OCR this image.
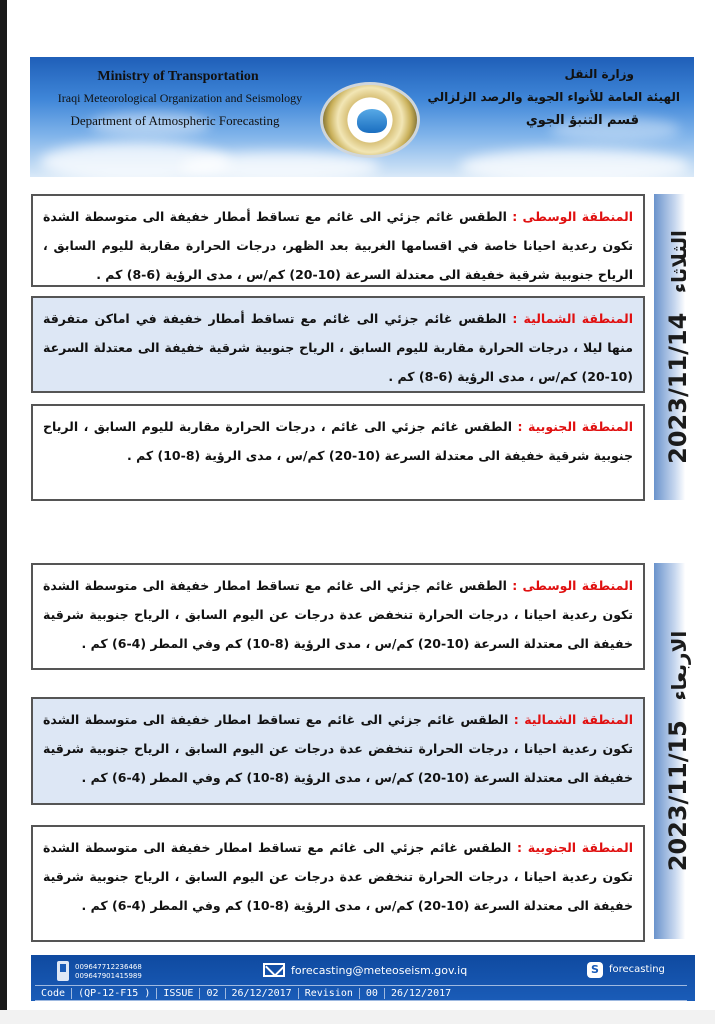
Ministry of Transportation
Iraqi Meteorological Organization and Seismology
Department of Atmospheric Forecasting
وزارة النقل
الهيئة العامة للأنواء الجوية والرصد الزلزالي
قسم التنبؤ الجوي
الثلاثاء 2023/11/14

المنطقة الوسطى : الطقس غائم جزئي الى غائم مع تساقط أمطار خفيفة الى متوسطة الشدة تكون رعدية احيانا خاصة في اقسامها الغربية بعد الظهر، درجات الحرارة مقاربة لليوم السابق ، الرياح جنوبية شرقية خفيفة الى معتدلة السرعة (10-20) كم/س ، مدى الرؤية (6-8) كم .

المنطقة الشمالية : الطقس غائم جزئي الى غائم مع تساقط أمطار خفيفة في اماكن متفرقة منها ليلا ، درجات الحرارة مقاربة لليوم السابق ، الرياح جنوبية شرقية خفيفة الى معتدلة السرعة (10-20) كم/س ، مدى الرؤية (6-8) كم .

المنطقة الجنوبية : الطقس غائم جزئي الى غائم ، درجات الحرارة مقاربة لليوم السابق ، الرياح جنوبية شرقية خفيفة الى معتدلة السرعة (10-20) كم/س ، مدى الرؤية (8-10) كم .

الاربعاء 2023/11/15

المنطقة الوسطى : الطقس غائم جزئي الى غائم مع تساقط امطار خفيفة الى متوسطة الشدة تكون رعدية احيانا ، درجات الحرارة تنخفض عدة درجات عن اليوم السابق ، الرياح جنوبية شرقية خفيفة الى معتدلة السرعة (10-20) كم/س ، مدى الرؤية (8-10) كم وفي المطر (4-6) كم .

المنطقة الشمالية : الطقس غائم جزئي الى غائم مع تساقط امطار خفيفة الى متوسطة الشدة تكون رعدية احيانا ، درجات الحرارة تنخفض عدة درجات عن اليوم السابق ، الرياح جنوبية شرقية خفيفة الى معتدلة السرعة (10-20) كم/س ، مدى الرؤية (8-10) كم وفي المطر (4-6) كم .

المنطقة الجنوبية : الطقس غائم جزئي الى غائم مع تساقط امطار خفيفة الى متوسطة الشدة تكون رعدية احيانا ، درجات الحرارة تنخفض عدة درجات عن اليوم السابق ، الرياح جنوبية شرقية خفيفة الى معتدلة السرعة (10-20) كم/س ، مدى الرؤية (8-10) كم وفي المطر (4-6) كم .

009647712236468
009647901415989	forecasting@meteoseism.gov.iq	S	forecasting
Code	(QP-12-F15 )	ISSUE	02	26/12/2017	Revision	00	26/12/2017
